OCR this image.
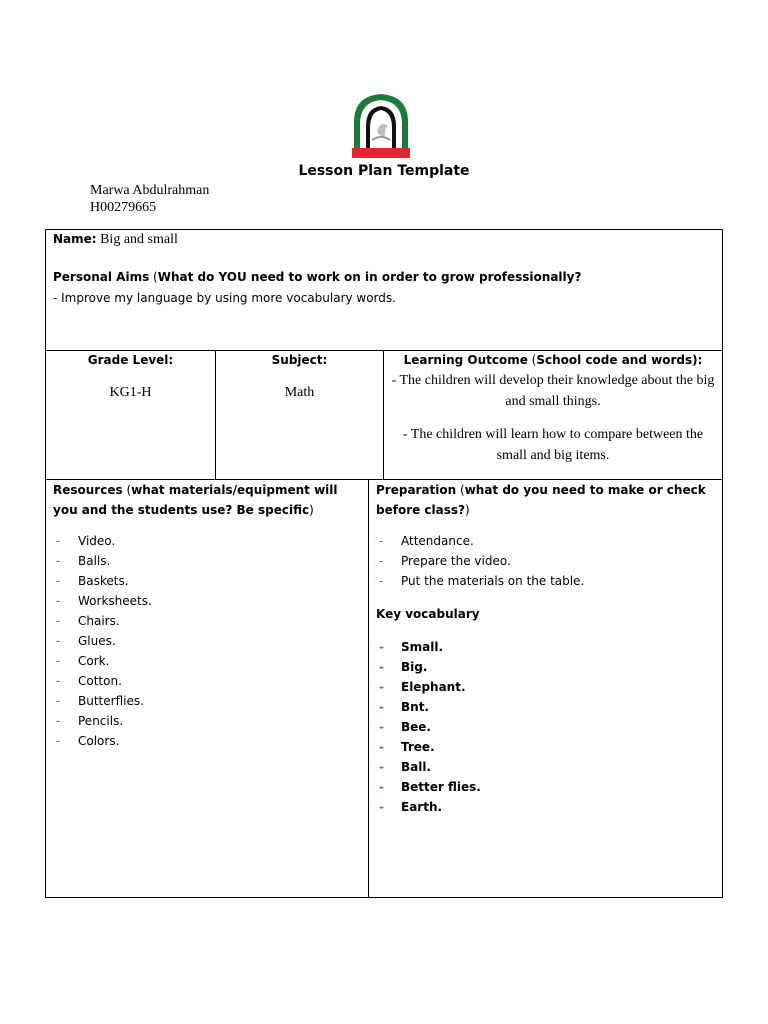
Lesson Plan Template
Marwa Abdulrahman
H00279665
Name: Big and small
Personal Aims (What do YOU need to work on in order to grow professionally?
- Improve my language by using more vocabulary words.
Grade Level:
KG1-H
Subject:
Math
Learning Outcome (School code and words):
- The children will develop their knowledge about the big and small things.
- The children will learn how to compare between the small and big items.
Resources (what materials/equipment will you and the students use? Be specific)
- Video.
- Balls.
- Baskets.
- Worksheets.
- Chairs.
- Glues.
- Cork.
- Cotton.
- Butterflies.
- Pencils.
- Colors.
Preparation (what do you need to make or check before class?)
- Attendance.
- Prepare the video.
- Put the materials on the table.
Key vocabulary
- Small.
- Big.
- Elephant.
- Bnt.
- Bee.
- Tree.
- Ball.
- Better flies.
- Earth.
